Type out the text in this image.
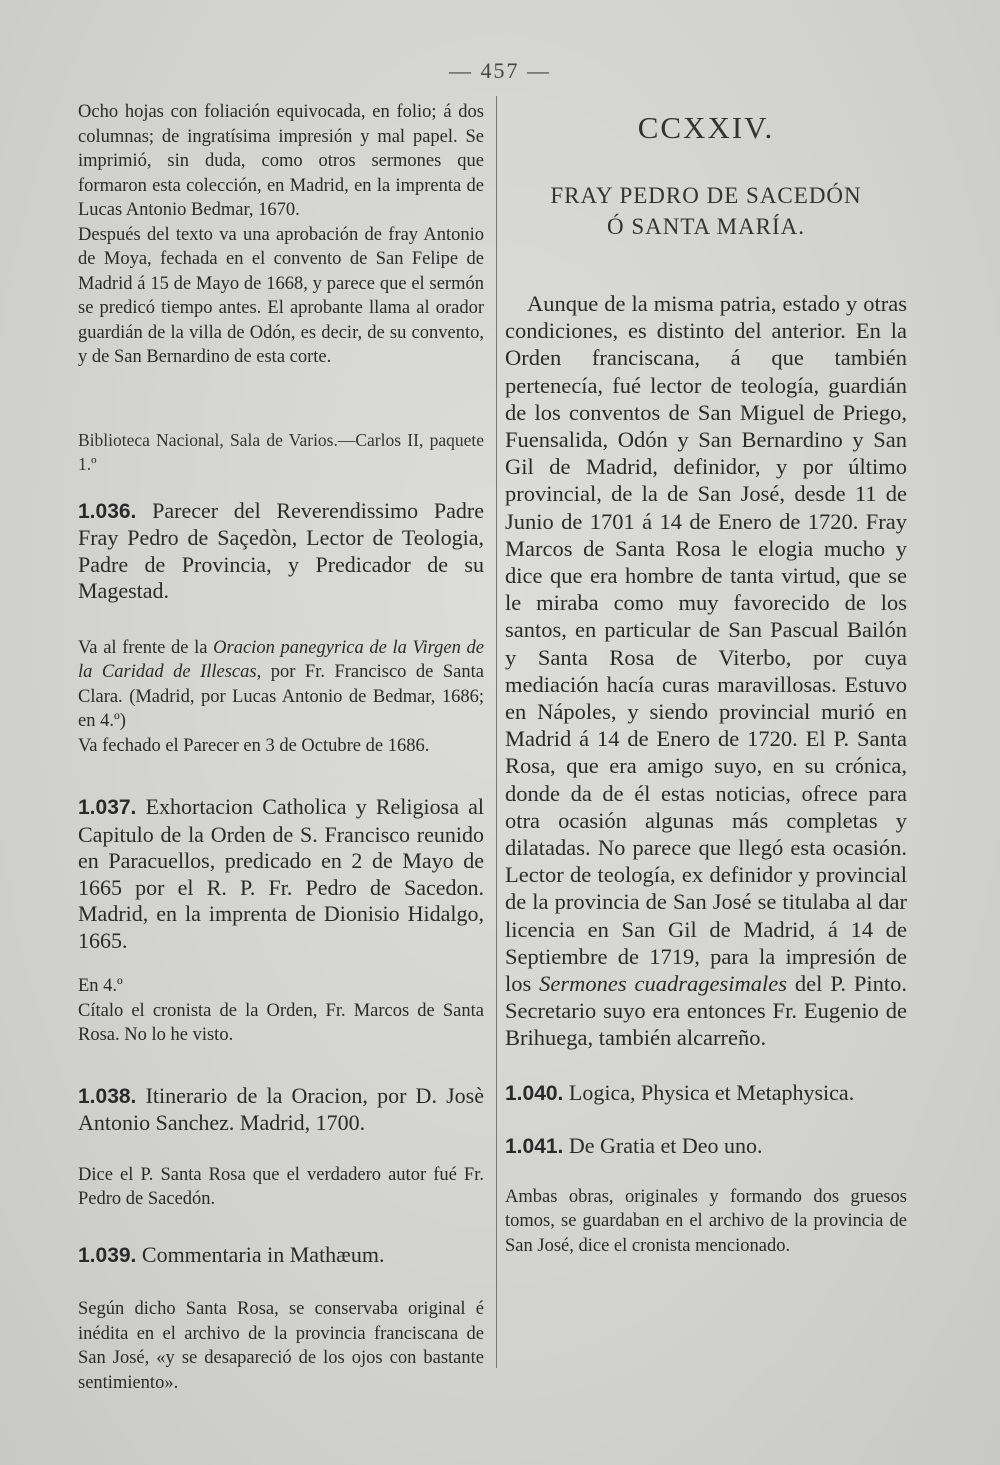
— 457 —

Ocho hojas con foliación equivocada, en folio; á dos columnas; de ingratísima impresión y mal papel. Se imprimió, sin duda, como otros sermones que formaron esta colección, en Madrid, en la imprenta de Lucas Antonio Bedmar, 1670.

Después del texto va una aprobación de fray Antonio de Moya, fechada en el convento de San Felipe de Madrid á 15 de Mayo de 1668, y parece que el sermón se predicó tiempo antes. El aprobante llama al orador guardián de la villa de Odón, es decir, de su convento, y de San Bernardino de esta corte.

Biblioteca Nacional, Sala de Varios.—Carlos II, paquete 1.º

1.036. Parecer del Reverendissimo Padre Fray Pedro de Saçedòn, Lector de Teologia, Padre de Provincia, y Predicador de su Magestad.

Va al frente de la Oracion panegyrica de la Virgen de la Caridad de Illescas, por Fr. Francisco de Santa Clara. (Madrid, por Lucas Antonio de Bedmar, 1686; en 4.º)

Va fechado el Parecer en 3 de Octubre de 1686.

1.037. Exhortacion Catholica y Religiosa al Capitulo de la Orden de S. Francisco reunido en Paracuellos, predicado en 2 de Mayo de 1665 por el R. P. Fr. Pedro de Sacedon. Madrid, en la imprenta de Dionisio Hidalgo, 1665.

En 4.º

Cítalo el cronista de la Orden, Fr. Marcos de Santa Rosa. No lo he visto.

1.038. Itinerario de la Oracion, por D. Josè Antonio Sanchez. Madrid, 1700.

Dice el P. Santa Rosa que el verdadero autor fué Fr. Pedro de Sacedón.

1.039. Commentaria in Mathæum.

Según dicho Santa Rosa, se conservaba original é inédita en el archivo de la provincia franciscana de San José, «y se desapareció de los ojos con bastante sentimiento».

CCXXIV.
FRAY PEDRO DE SACEDÓN
Ó SANTA MARÍA.

Aunque de la misma patria, estado y otras condiciones, es distinto del anterior. En la Orden franciscana, á que también pertenecía, fué lector de teología, guardián de los conventos de San Miguel de Priego, Fuensalida, Odón y San Bernardino y San Gil de Madrid, definidor, y por último provincial, de la de San José, desde 11 de Junio de 1701 á 14 de Enero de 1720. Fray Marcos de Santa Rosa le elogia mucho y dice que era hombre de tanta virtud, que se le miraba como muy favorecido de los santos, en particular de San Pascual Bailón y Santa Rosa de Viterbo, por cuya mediación hacía curas maravillosas. Estuvo en Nápoles, y siendo provincial murió en Madrid á 14 de Enero de 1720. El P. Santa Rosa, que era amigo suyo, en su crónica, donde da de él estas noticias, ofrece para otra ocasión algunas más completas y dilatadas. No parece que llegó esta ocasión. Lector de teología, ex definidor y provincial de la provincia de San José se titulaba al dar licencia en San Gil de Madrid, á 14 de Septiembre de 1719, para la impresión de los Sermones cuadragesimales del P. Pinto. Secretario suyo era entonces Fr. Eugenio de Brihuega, también alcarreño.

1.040. Logica, Physica et Metaphysica.

1.041. De Gratia et Deo uno.

Ambas obras, originales y formando dos gruesos tomos, se guardaban en el archivo de la provincia de San José, dice el cronista mencionado.
